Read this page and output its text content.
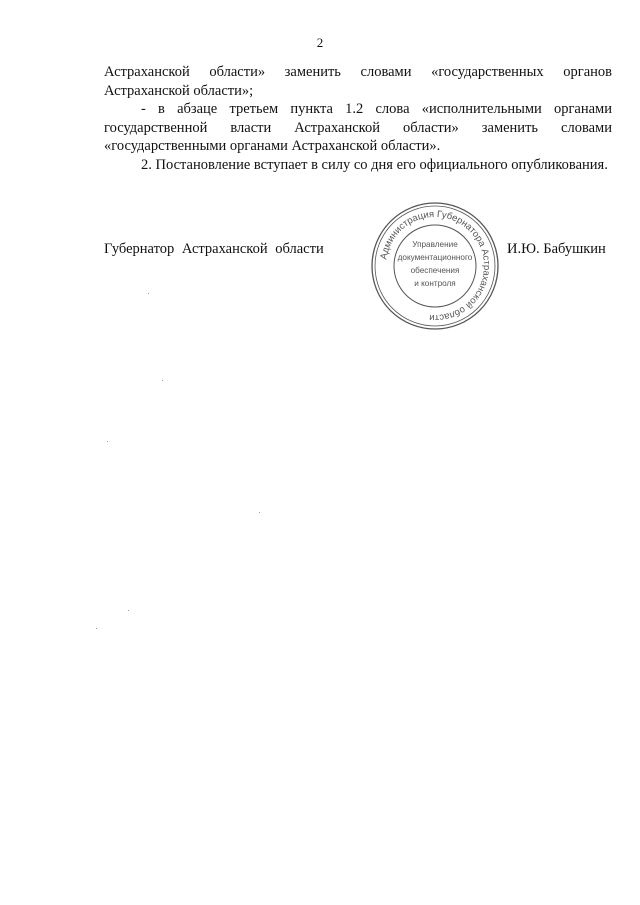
2

Астраханской области» заменить словами «государственных органов Астраханской области»;

- в абзаце третьем пункта 1.2 слова «исполнительными органами государственной власти Астраханской области» заменить словами «государственными органами Астраханской области».

2. Постановление вступает в силу со дня его официального опубликования.

Губернатор Астраханской области	И.Ю. Бабушкин
Администрация Губернатора Астраханской области
Управление
документационного
обеспечения
и контроля
